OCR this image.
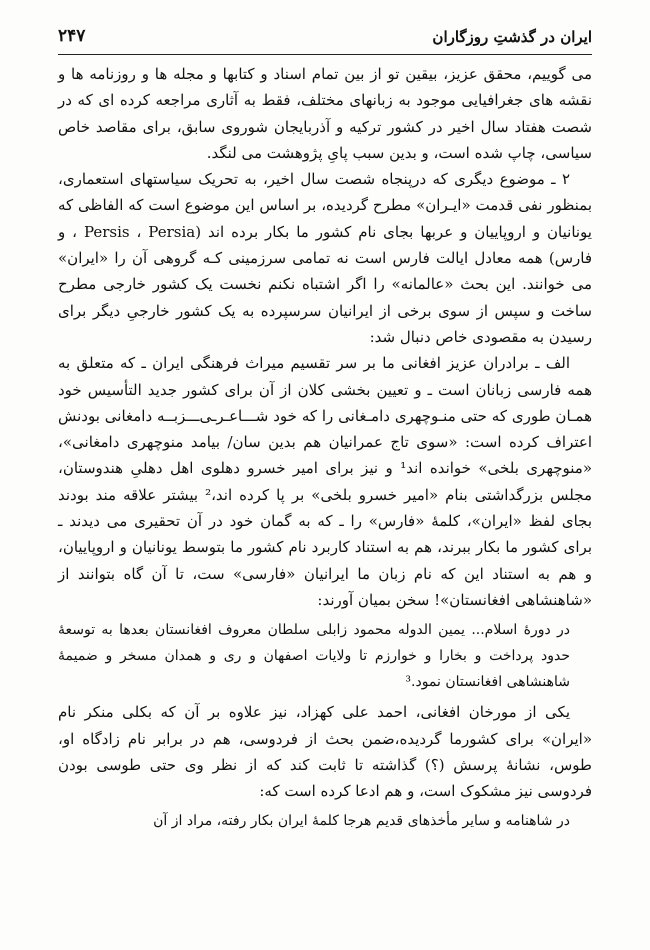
ایران در گذشتِ روزگاران
۲۴۷

می گوییم، محقق عزیز، بیقین تو از بین تمام اسناد و کتابها و مجله ها و روزنامه ها و نقشه های جغرافیایی موجود به زبانهای مختلف، فقط به آثاری مراجعه کرده ای که در شصت هفتاد سال اخیر در کشور ترکیه و آذربایجان شوروی سابق، برای مقاصد خاص سیاسی، چاپ شده است، و بدین سبب پایِ پژوهشت می لنگد.

۲ ـ موضوع دیگری که درپنجاه شصت سال اخیر، به تحریک سیاستهای استعماری، بمنظور نفی قدمت «ایـران» مطرح گردیده، بر اساس این موضوع است که الفاظی که یونانیان و اروپاییان و عربها بجای نام کشور ما بکار برده اند (Persis ، Persia ، و فارس) همه معادل ایالت فارس است نه تمامی سرزمینی کـه گروهی آن را «ایران» می خوانند. این بحث «عالمانه» را اگر اشتباه نکنم نخست یک کشور خارجی مطرح ساخت و سپس از سوی برخی از ایرانیان سرسپرده به یک کشور خارجیِ دیگر برای رسیدن به مقصودی خاص دنبال شد:

الف ـ برادران عزیز افغانی ما بر سر تقسیم میراث فرهنگی ایران ـ که متعلق به همه فارسی زبانان است ـ و تعیین بخشی کلان از آن برای کشور جدید التأسیس خود همـان طوری که حتی منـوچهری دامـغانی را که خود شـــاعـرـی‌ـــزبــه دامغانی بودنش اعتراف کرده است: «سوی تاج عمرانیان هم بدین سان/ بیامد منوچهری دامغانی»، «منوچهری بلخی» خوانده اند¹ و نیز برای امیر خسرو دهلوی اهل دهلیِ هندوستان، مجلس بزرگداشتی بنام «امیر خسرو بلخی» بر پا کرده اند،² بیشتر علاقه مند بودند بجای لفظ «ایران»، کلمهٔ «فارس» را ـ که به گمان خود در آن تحقیری می دیدند ـ برای کشور ما بکار ببرند، هم به استناد کاربرد نام کشور ما بتوسط یونانیان و اروپاییان، و هم به استناد این که نام زبان ما ایرانیان «فارسی» ست، تا آن گاه بتوانند از «شاهنشاهی افغانستان»! سخن بمیان آورند:

در دورهٔ اسلام... یمین الدوله محمود زابلی سلطان معروف افغانستان بعدها به توسعهٔ حدود پرداخت و بخارا و خوارزم تا ولایات اصفهان و ری و همدان مسخر و ضمیمهٔ شاهنشاهی افغانستان نمود.³

یکی از مورخان افغانی، احمد علی کهزاد، نیز علاوه بر آن که بکلی منکر نام «ایران» برای کشورما گردیده،ضمن بحث از فردوسی، هم در برابر نام زادگاه او، طوس، نشانهٔ پرسش (؟) گذاشته تا ثابت کند که از نظر وی حتی طوسی بودن فردوسی نیز مشکوک است، و هم ادعا کرده است که:

در شاهنامه و سایر مأخذهای قدیم هرجا کلمهٔ ایران بکار رفته، مراد از آن
